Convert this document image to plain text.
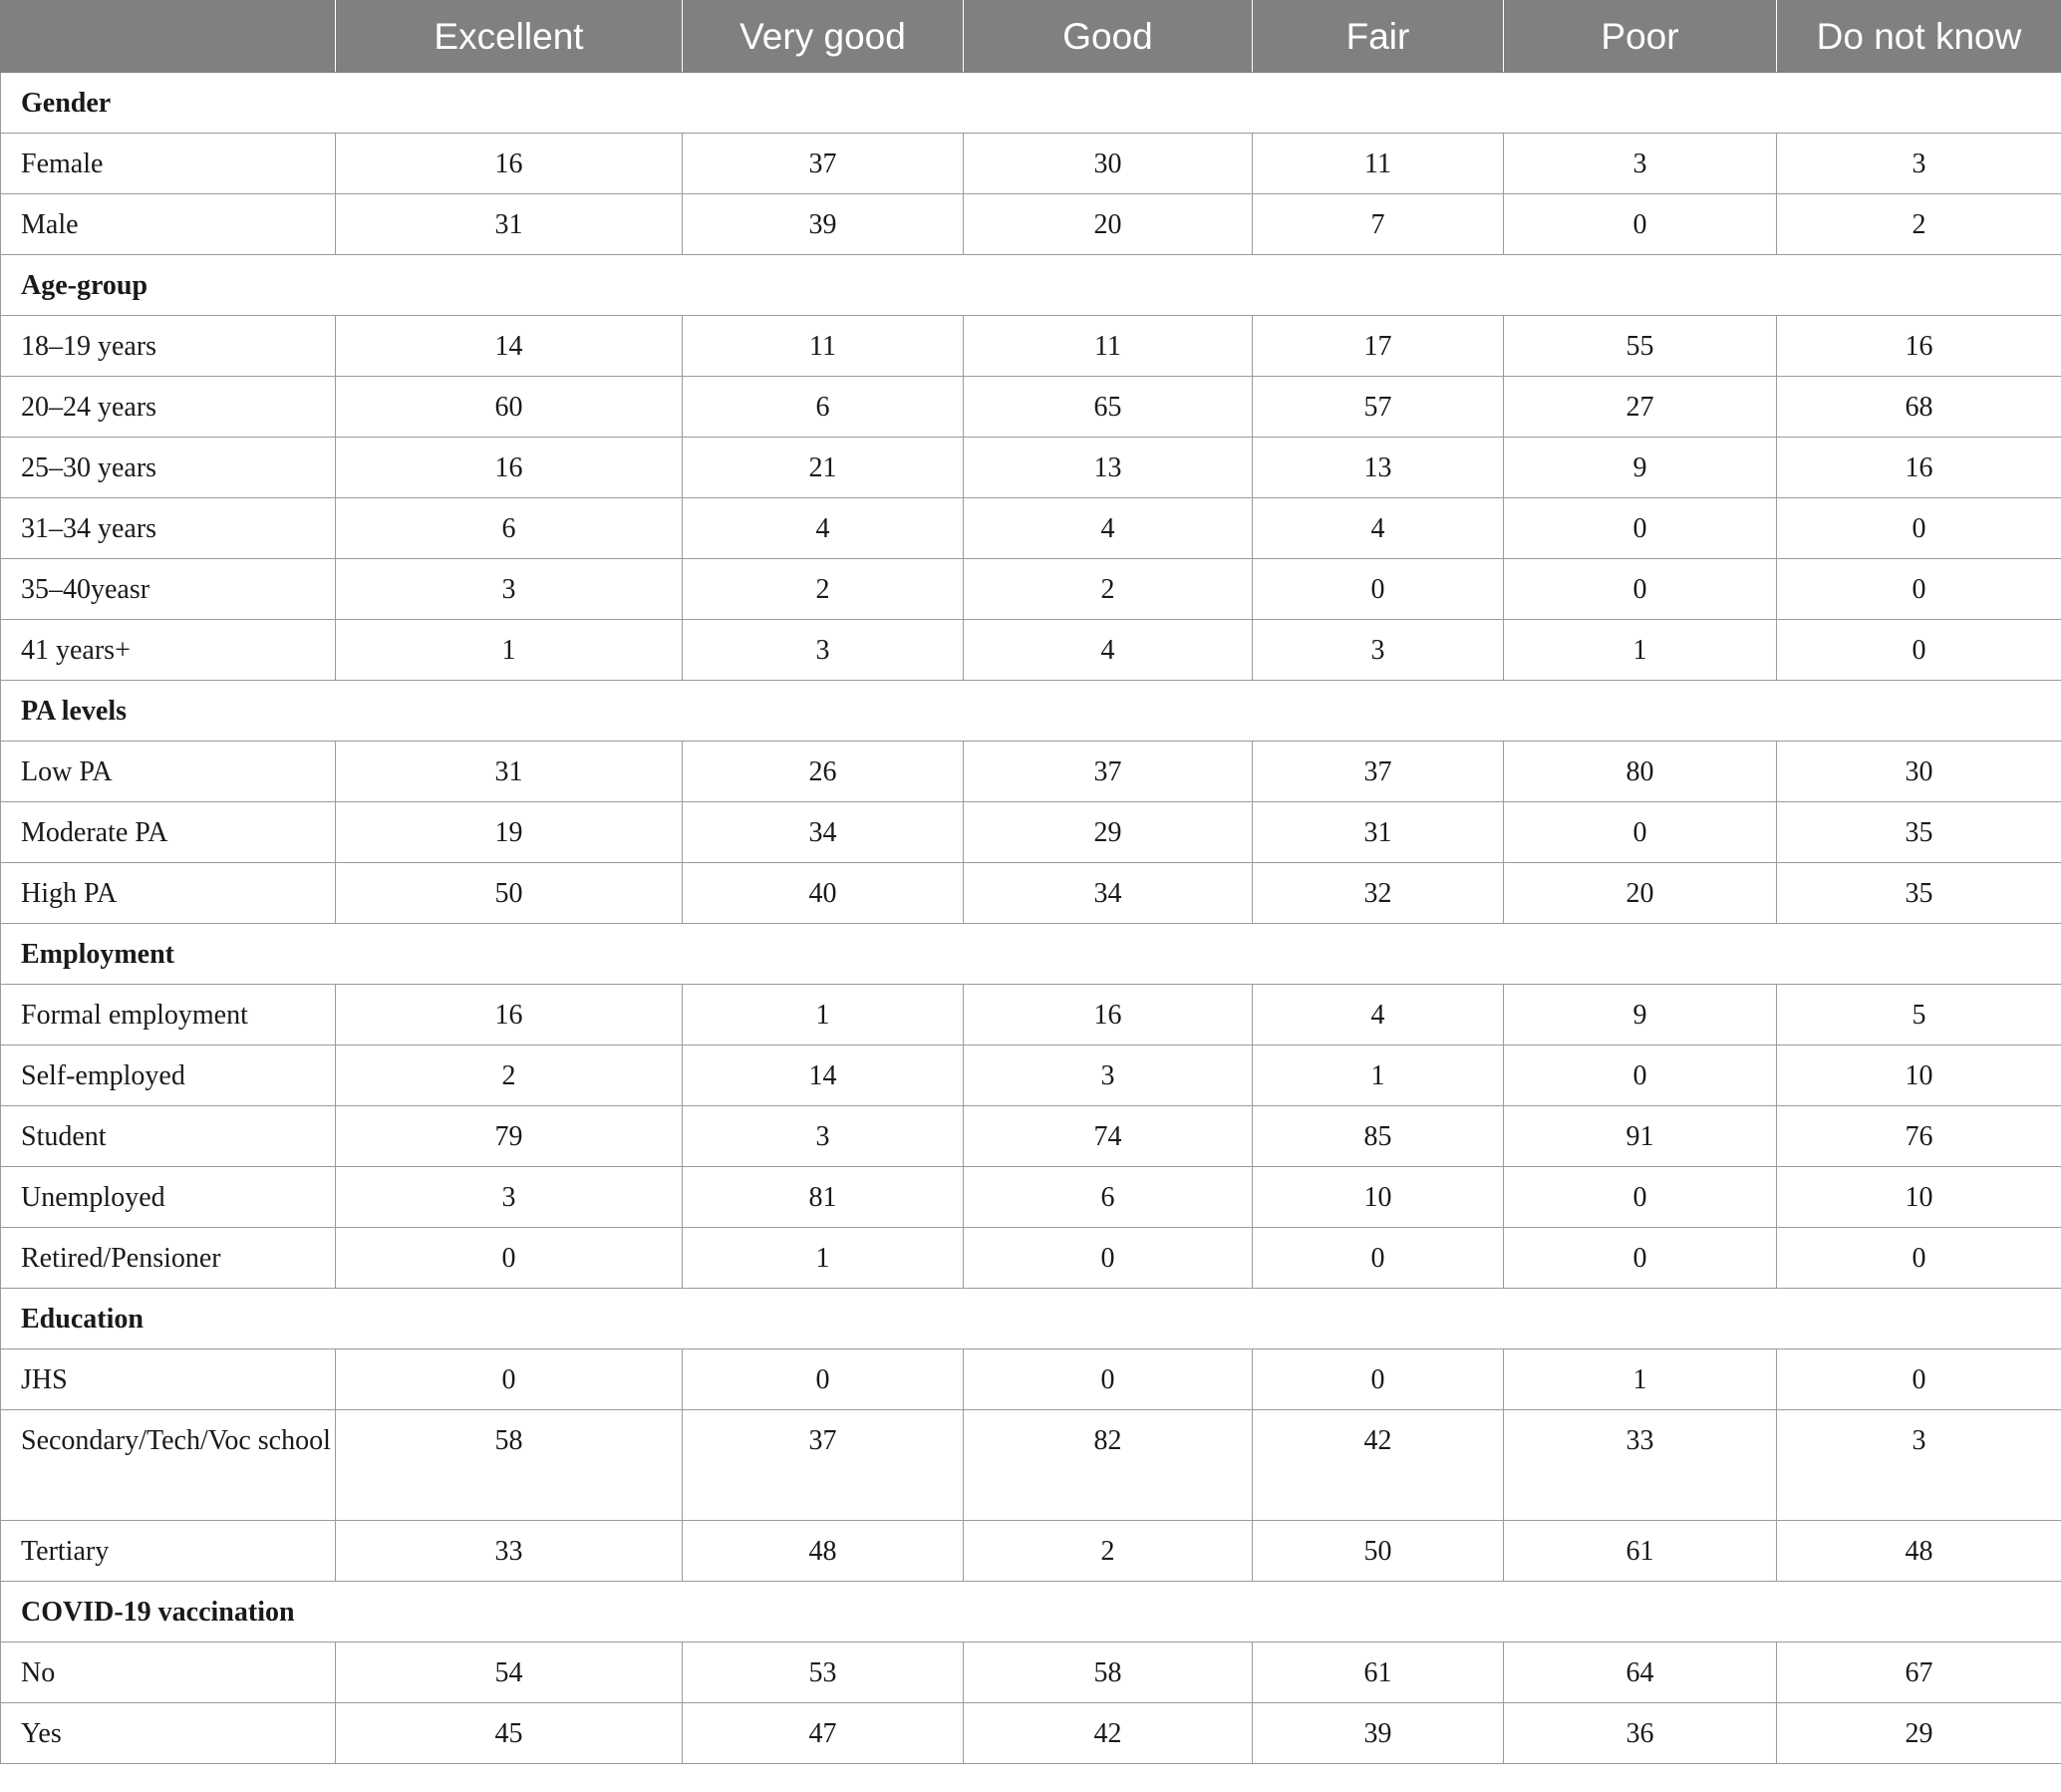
	Excellent	Very good	Good	Fair	Poor	Do not know
Gender						
Female	16	37	30	11	3	3
Male	31	39	20	7	0	2
Age-group						
18–19 years	14	11	11	17	55	16
20–24 years	60	6	65	57	27	68
25–30 years	16	21	13	13	9	16
31–34 years	6	4	4	4	0	0
35–40yeasr	3	2	2	0	0	0
41 years+	1	3	4	3	1	0
PA levels						
Low PA	31	26	37	37	80	30
Moderate PA	19	34	29	31	0	35
High PA	50	40	34	32	20	35
Employment						
Formal employment	16	1	16	4	9	5
Self-employed	2	14	3	1	0	10
Student	79	3	74	85	91	76
Unemployed	3	81	6	10	0	10
Retired/Pensioner	0	1	0	0	0	0
Education						
JHS	0	0	0	0	1	0
Secondary/Tech/Voc school	58	37	82	42	33	3
Tertiary	33	48	2	50	61	48
COVID-19 vaccination						
No	54	53	58	61	64	67
Yes	45	47	42	39	36	29
